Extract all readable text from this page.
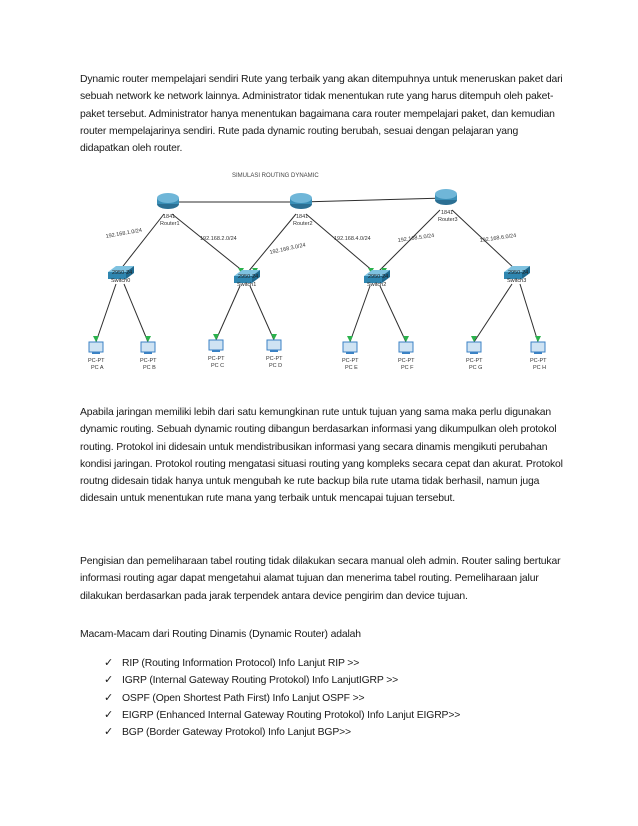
Dynamic router mempelajari sendiri Rute yang terbaik yang akan ditempuhnya untuk meneruskan paket dari sebuah network ke network lainnya. Administrator tidak menentukan rute yang harus ditempuh oleh paket-paket tersebut. Administrator hanya menentukan bagaimana cara router mempelajari paket, dan kemudian router mempelajarinya sendiri. Rute pada dynamic routing berubah, sesuai dengan pelajaran yang didapatkan oleh router.

SIMULASI ROUTING DYNAMIC
192.168.1.0/24	192.168.2.0/24
192.168.3.0/24
192.168.4.0/24	192.168.5.0/24	192.168.6.0/24
1841
Router1
1841
Router2
1841
Router3
2950-24
Switch0
2950-24
Switch1
2950-24
Switch2
2950-24
Switch3
PC-PT
PC A
PC-PT
PC B
PC-PT
PC C
PC-PT
PC D
PC-PT
PC E
PC-PT
PC F
PC-PT
PC G
PC-PT
PC H

Apabila jaringan memiliki lebih dari satu kemungkinan rute untuk tujuan yang sama maka perlu digunakan dynamic routing. Sebuah dynamic routing dibangun berdasarkan informasi yang dikumpulkan oleh protokol routing. Protokol ini didesain untuk mendistribusikan informasi yang secara dinamis mengikuti perubahan kondisi jaringan. Protokol routing mengatasi situasi routing yang kompleks secara cepat dan akurat. Protokol routng didesain tidak hanya untuk mengubah ke rute backup bila rute utama tidak berhasil, namun juga didesain untuk menentukan rute mana yang terbaik untuk mencapai tujuan tersebut.

Pengisian dan pemeliharaan tabel routing tidak dilakukan secara manual oleh admin. Router saling bertukar informasi routing agar dapat mengetahui alamat tujuan dan menerima tabel routing. Pemeliharaan jalur dilakukan berdasarkan pada jarak terpendek antara device pengirim dan device tujuan.

Macam-Macam dari Routing Dinamis (Dynamic Router) adalah

✓ RIP (Routing Information Protocol) Info Lanjut RIP >>
✓ IGRP (Internal Gateway Routing Protokol) Info LanjutIGRP >>
✓ OSPF (Open Shortest Path First) Info Lanjut OSPF >>
✓ EIGRP (Enhanced Internal Gateway Routing Protokol) Info Lanjut EIGRP>>
✓ BGP (Border Gateway Protokol) Info Lanjut BGP>>
